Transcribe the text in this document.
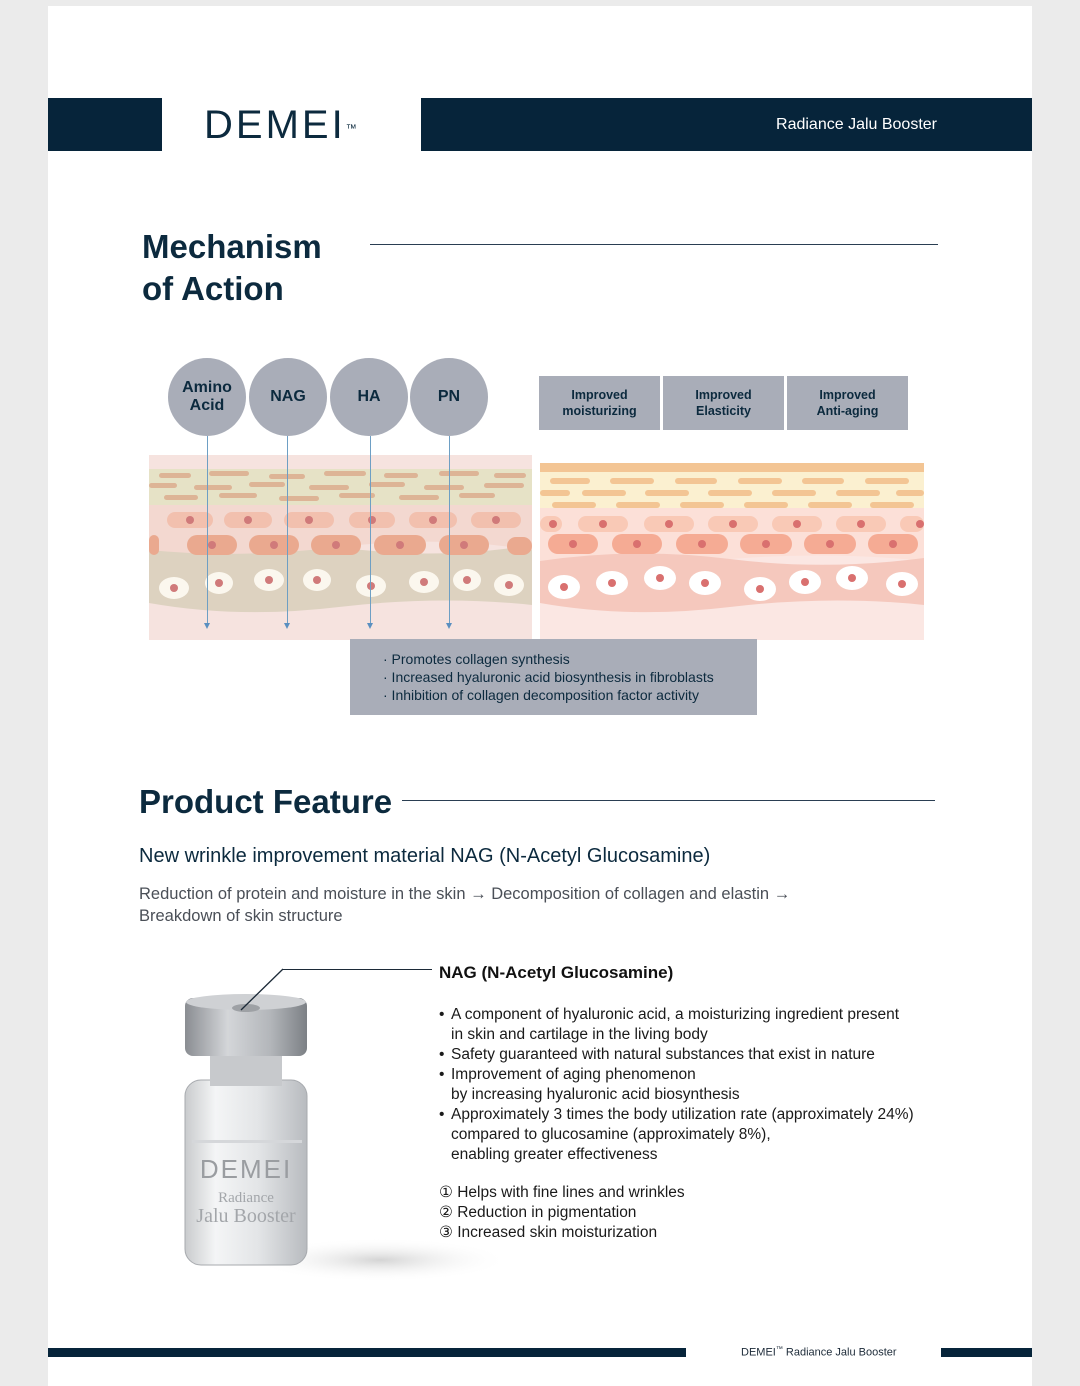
DEMEI™	Radiance Jalu Booster
Mechanism
of Action
Amino Acid
NAG	HA	PN	Improved
moisturizing
Improved
Elasticity
Improved
Anti-aging
· Promotes collagen synthesis
· Increased hyaluronic acid biosynthesis in fibroblasts
· Inhibition of collagen decomposition factor activity
Product Feature
New wrinkle improvement material NAG (N-Acetyl Glucosamine)
Reduction of protein and moisture in the skin → Decomposition of collagen and elastin →
Breakdown of skin structure
DEMEI
Radiance
Jalu Booster
NAG (N-Acetyl Glucosamine)
• A component of hyaluronic acid, a moisturizing ingredient present
in skin and cartilage in the living body
• Safety guaranteed with natural substances that exist in nature
• Improvement of aging phenomenon
by increasing hyaluronic acid biosynthesis
• Approximately 3 times the body utilization rate (approximately 24%)
compared to glucosamine (approximately 8%),
enabling greater effectiveness
① Helps with fine lines and wrinkles
② Reduction in pigmentation
③ Increased skin moisturization
DEMEI™ Radiance Jalu Booster
